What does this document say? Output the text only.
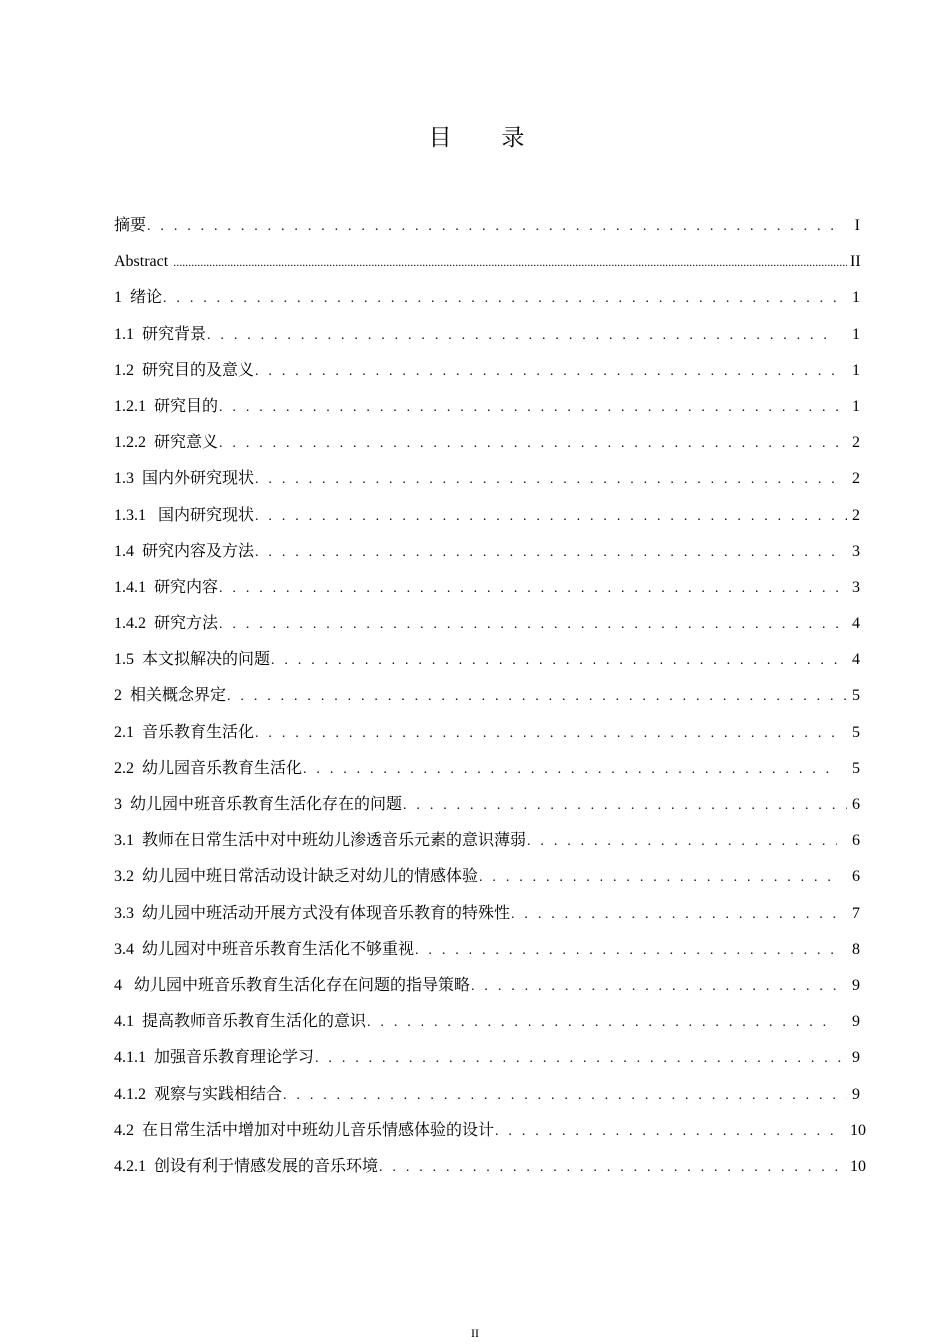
目 录
摘要 . . .	I
Abstract .....	II
1 绪论 . . .	1
1.1 研究背景 . . .	1
1.2 研究目的及意义 . . .	1
1.2.1 研究目的 . . .	1
1.2.2 研究意义 . . .	2
1.3 国内外研究现状 . . .	2
1.3.1 国内研究现状 . . .	2
1.4 研究内容及方法 . . .	3
1.4.1 研究内容 . . .	3
1.4.2 研究方法 . . .	4
1.5 本文拟解决的问题 . . .	4
2 相关概念界定 . . .	5
2.1 音乐教育生活化 . . .	5
2.2 幼儿园音乐教育生活化 . . .	5
3 幼儿园中班音乐教育生活化存在的问题 . . .	6
3.1 教师在日常生活中对中班幼儿渗透音乐元素的意识薄弱 . . .	6
3.2 幼儿园中班日常活动设计缺乏对幼儿的情感体验 . . .	6
3.3 幼儿园中班活动开展方式没有体现音乐教育的特殊性 . . .	7
3.4 幼儿园对中班音乐教育生活化不够重视 . . .	8
4 幼儿园中班音乐教育生活化存在问题的指导策略 . . .	9
4.1 提高教师音乐教育生活化的意识 . . .	9
4.1.1 加强音乐教育理论学习 . . .	9
4.1.2 观察与实践相结合 . . .	9
4.2 在日常生活中增加对中班幼儿音乐情感体验的设计 . . .	10
4.2.1 创设有利于情感发展的音乐环境 . . .	10
II
